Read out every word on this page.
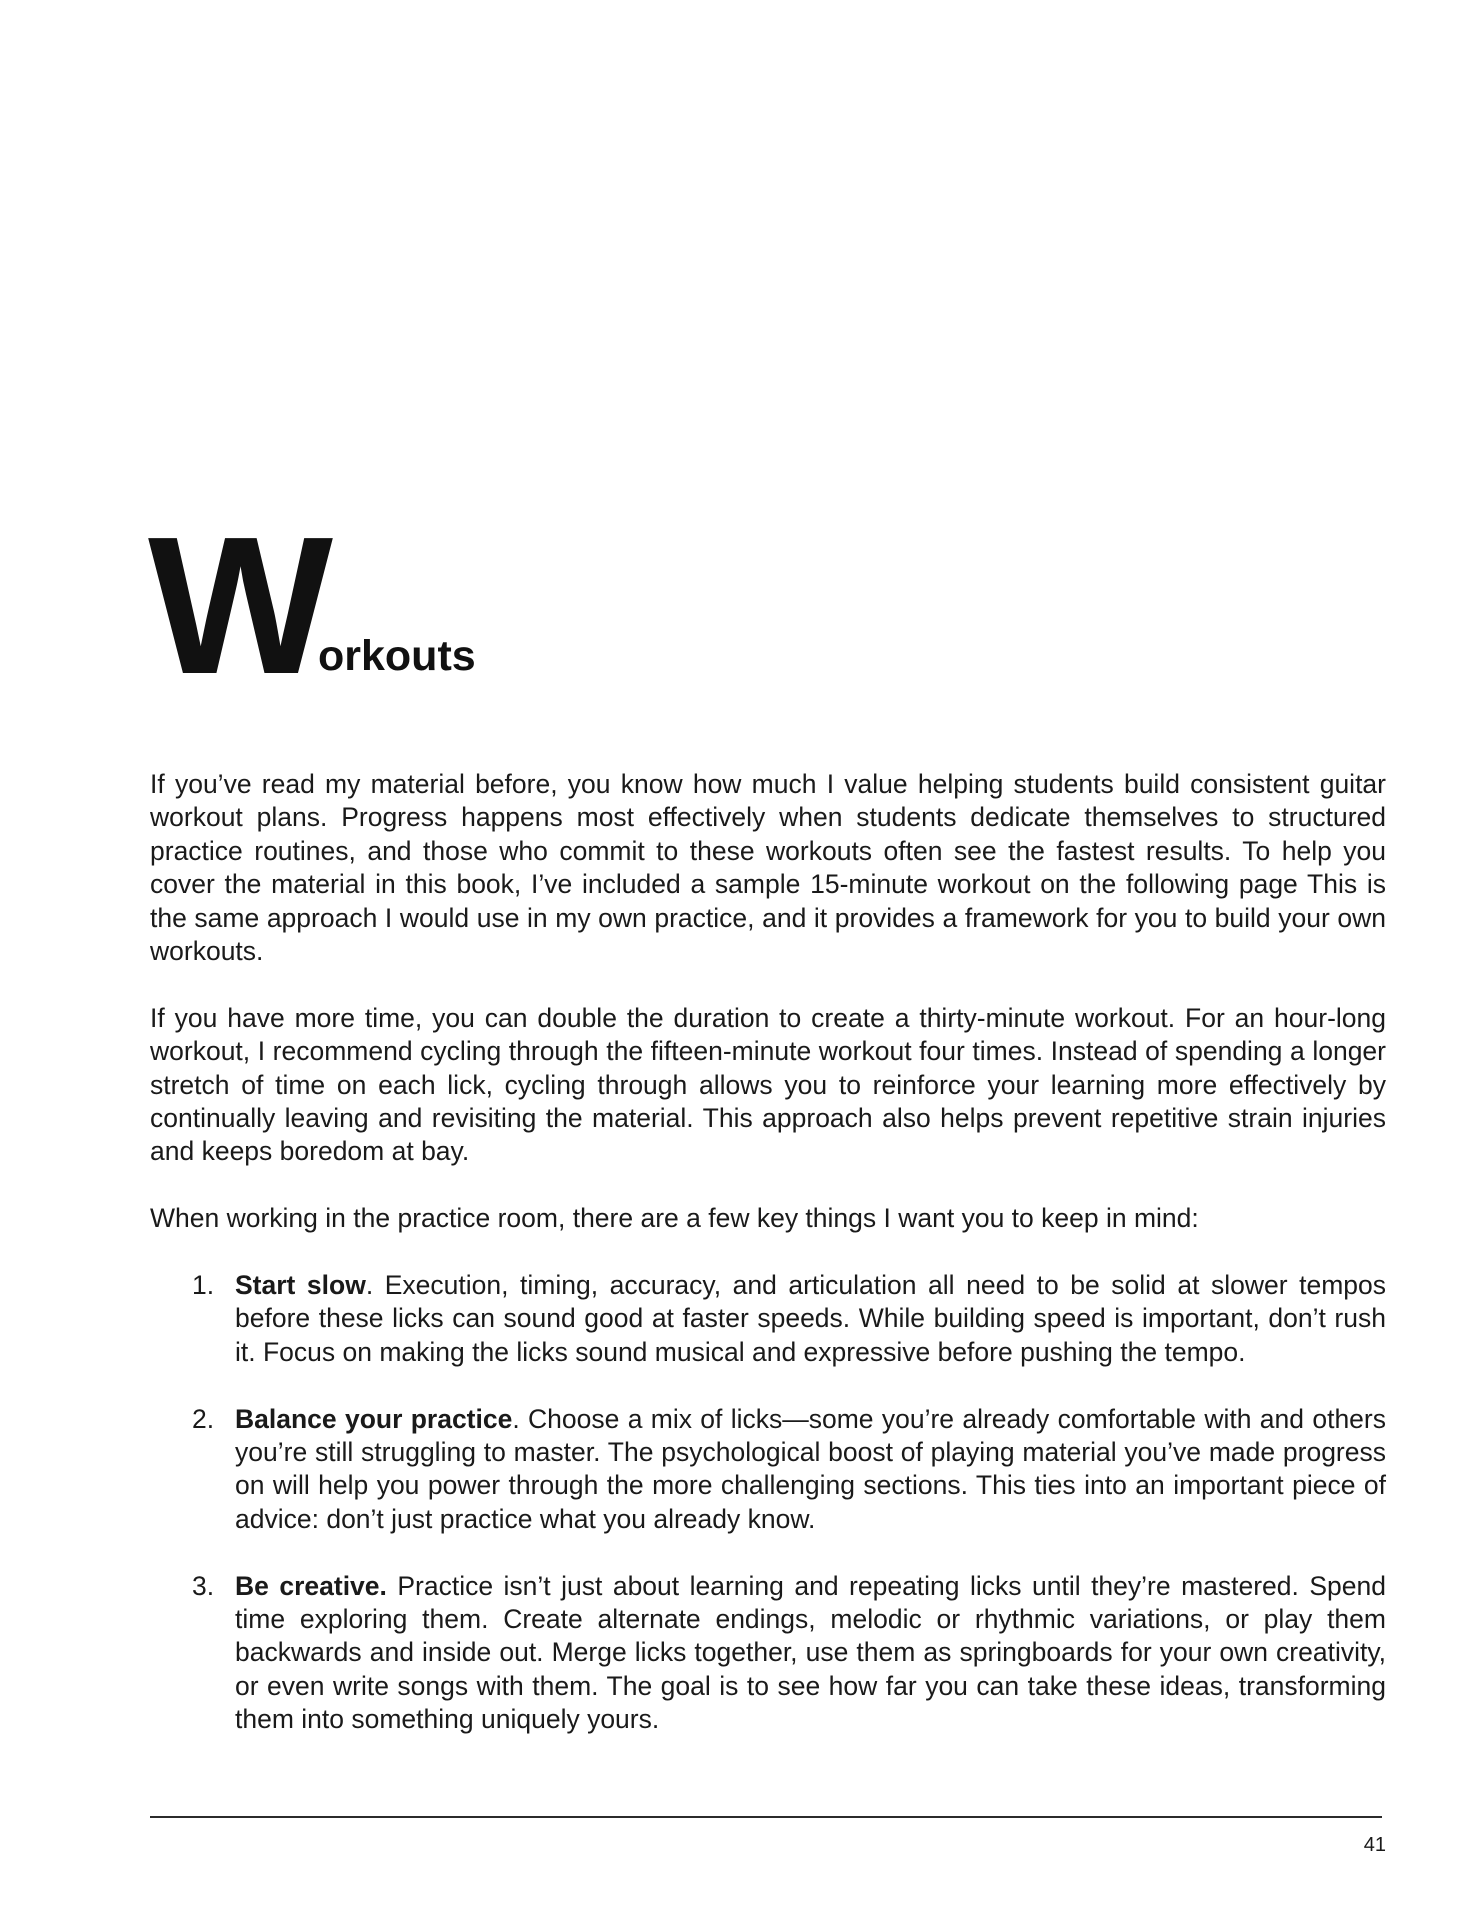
W
orkouts

If you’ve read my material before, you know how much I value helping students build consistent guitar workout plans. Progress happens most effectively when students dedicate themselves to structured practice routines, and those who commit to these workouts often see the fastest results. To help you cover the material in this book, I’ve included a sample 15-minute workout on the following page This is the same approach I would use in my own practice, and it provides a framework for you to build your own workouts.

If you have more time, you can double the duration to create a thirty-minute workout. For an hour-long workout, I recommend cycling through the fifteen-minute workout four times. Instead of spending a longer stretch of time on each lick, cycling through allows you to reinforce your learning more effectively by continually leaving and revisiting the material. This approach also helps prevent repetitive strain injuries and keeps boredom at bay.

When working in the practice room, there are a few key things I want you to keep in mind:

1. Start slow. Execution, timing, accuracy, and articulation all need to be solid at slower tempos before these licks can sound good at faster speeds. While building speed is important, don’t rush it. Focus on making the licks sound musical and expressive before pushing the tempo.
2. Balance your practice. Choose a mix of licks—some you’re already comfortable with and others you’re still struggling to master. The psychological boost of playing material you’ve made progress on will help you power through the more challenging sections. This ties into an important piece of advice: don’t just practice what you already know.
3. Be creative. Practice isn’t just about learning and repeating licks until they’re mastered. Spend time exploring them. Create alternate endings, melodic or rhythmic variations, or play them backwards and inside out. Merge licks together, use them as springboards for your own creativity, or even write songs with them. The goal is to see how far you can take these ideas, transforming them into something uniquely yours.
41
